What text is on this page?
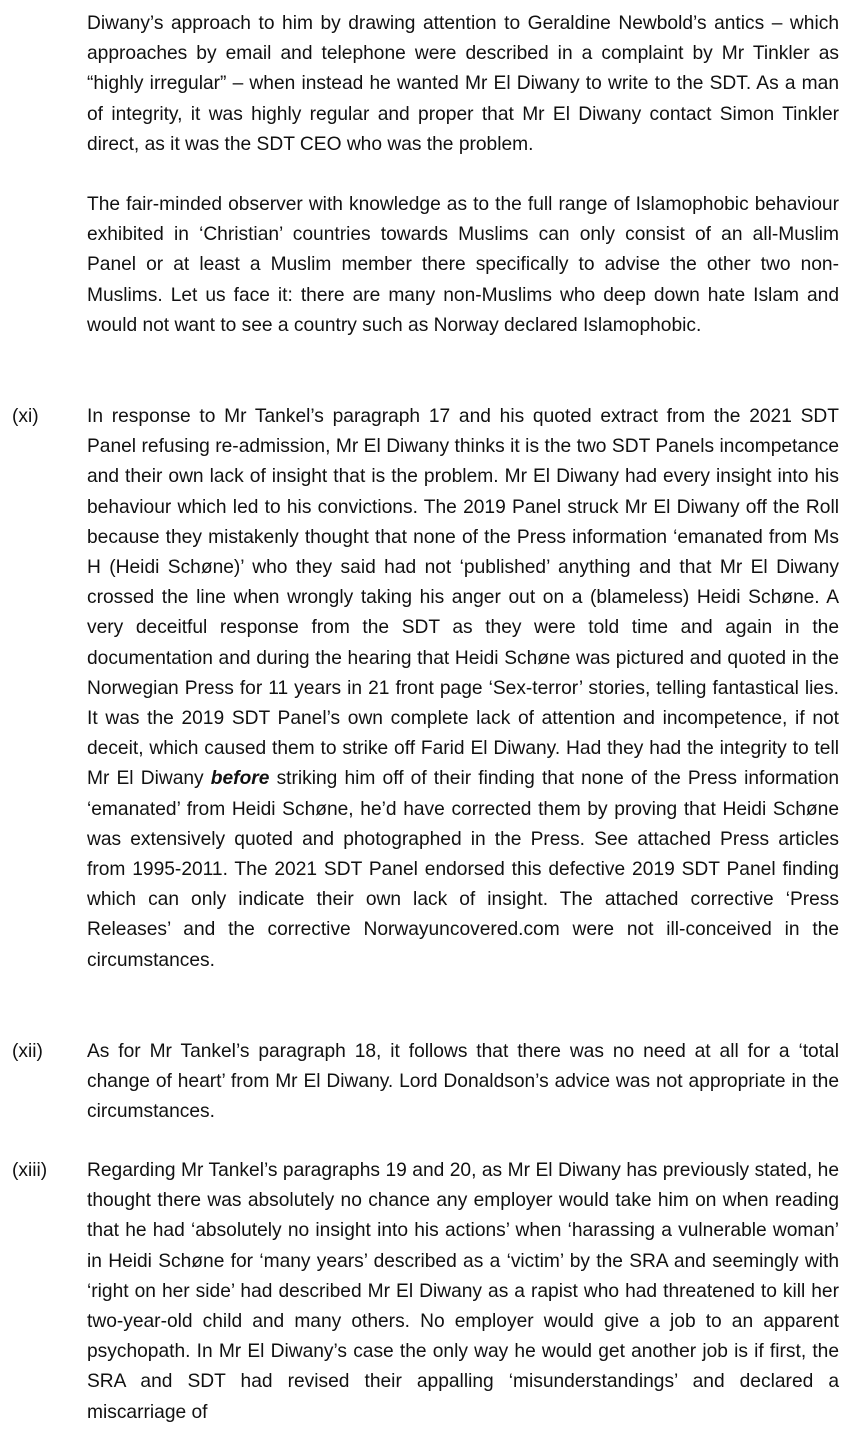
Diwany’s approach to him by drawing attention to Geraldine Newbold’s antics – which approaches by email and telephone were described in a complaint by Mr Tinkler as “highly irregular” – when instead he wanted Mr El Diwany to write to the SDT. As a man of integrity, it was highly regular and proper that Mr El Diwany contact Simon Tinkler direct, as it was the SDT CEO who was the problem.

The fair-minded observer with knowledge as to the full range of Islamophobic behaviour exhibited in ‘Christian’ countries towards Muslims can only consist of an all-Muslim Panel or at least a Muslim member there specifically to advise the other two non-Muslims. Let us face it: there are many non-Muslims who deep down hate Islam and would not want to see a country such as Norway declared Islamophobic.

(xi)	In response to Mr Tankel’s paragraph 17 and his quoted extract from the 2021 SDT Panel refusing re-admission, Mr El Diwany thinks it is the two SDT Panels incompetance and their own lack of insight that is the problem. Mr El Diwany had every insight into his behaviour which led to his convictions. The 2019 Panel struck Mr El Diwany off the Roll because they mistakenly thought that none of the Press information ‘emanated from Ms H (Heidi Schøne)’ who they said had not ‘published’ anything and that Mr El Diwany crossed the line when wrongly taking his anger out on a (blameless) Heidi Schøne. A very deceitful response from the SDT as they were told time and again in the documentation and during the hearing that Heidi Schøne was pictured and quoted in the Norwegian Press for 11 years in 21 front page ‘Sex-terror’ stories, telling fantastical lies. It was the 2019 SDT Panel’s own complete lack of attention and incompetence, if not deceit, which caused them to strike off Farid El Diwany. Had they had the integrity to tell Mr El Diwany before striking him off of their finding that none of the Press information ‘emanated’ from Heidi Schøne, he’d have corrected them by proving that Heidi Schøne was extensively quoted and photographed in the Press. See attached Press articles from 1995-2011. The 2021 SDT Panel endorsed this defective 2019 SDT Panel finding which can only indicate their own lack of insight. The attached corrective ‘Press Releases’ and the corrective Norwayuncovered.com were not ill-conceived in the circumstances.

(xii) As for Mr Tankel’s paragraph 18, it follows that there was no need at all for a ‘total change of heart’ from Mr El Diwany. Lord Donaldson’s advice was not appropriate in the circumstances.

(xiii) Regarding Mr Tankel’s paragraphs 19 and 20, as Mr El Diwany has previously stated, he thought there was absolutely no chance any employer would take him on when reading that he had ‘absolutely no insight into his actions’ when ‘harassing a vulnerable woman’ in Heidi Schøne for ‘many years’ described as a ‘victim’ by the SRA and seemingly with ‘right on her side’ had described Mr El Diwany as a rapist who had threatened to kill her two-year-old child and many others. No employer would give a job to an apparent psychopath. In Mr El Diwany’s case the only way he would get another job is if first, the SRA and SDT had revised their appalling ‘misunderstandings’ and declared a miscarriage of
